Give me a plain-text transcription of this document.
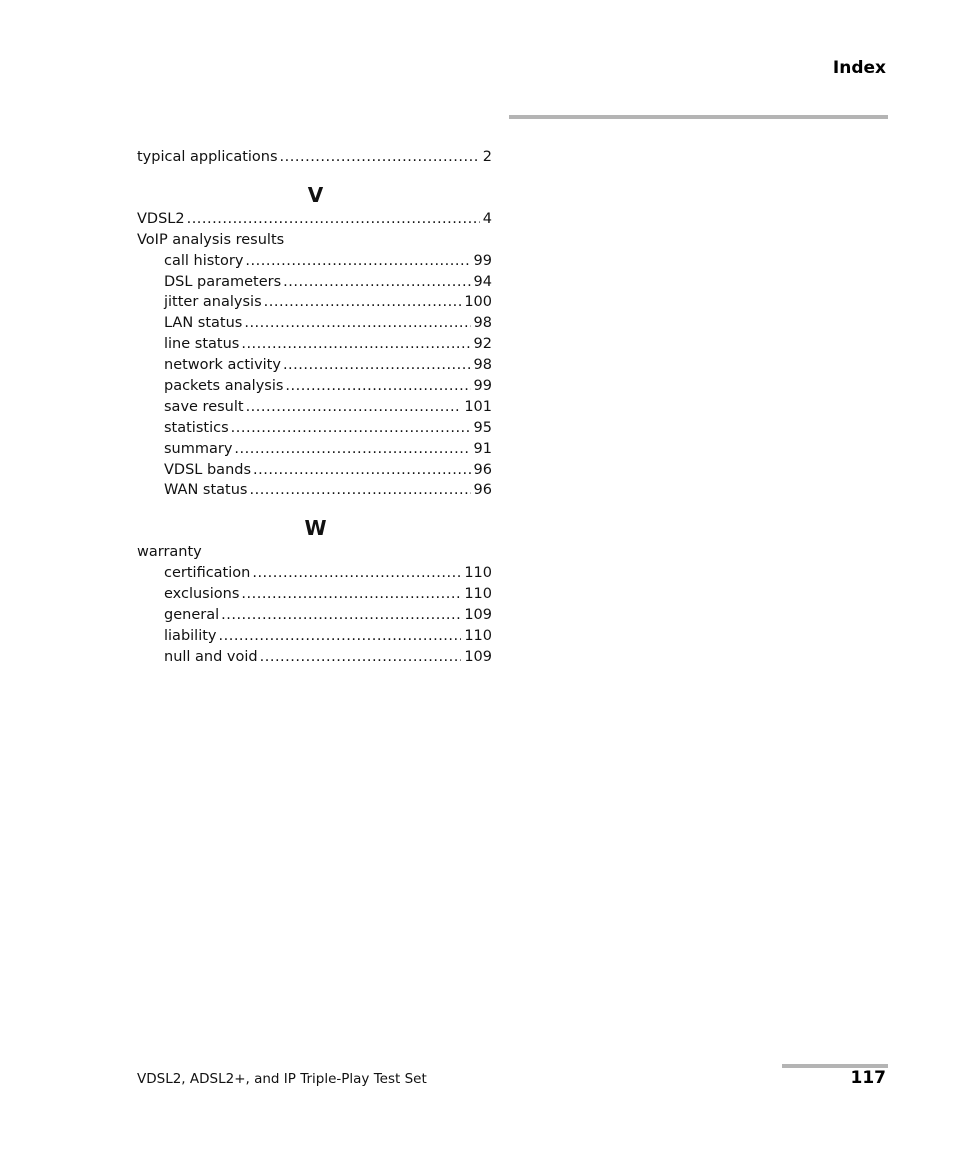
Index
typical applications .....	2
V
VDSL2 .....	4
VoIP analysis results
call history .....	99
DSL parameters .....	94
jitter analysis .....	100
LAN status .....	98
line status .....	92
network activity .....	98
packets analysis .....	99
save result .....	101
statistics .....	95
summary .....	91
VDSL bands .....	96
WAN status .....	96
W
warranty
certification .....	110
exclusions .....	110
general .....	109
liability .....	110
null and void .....	109
VDSL2, ADSL2+, and IP Triple-Play Test Set	117
